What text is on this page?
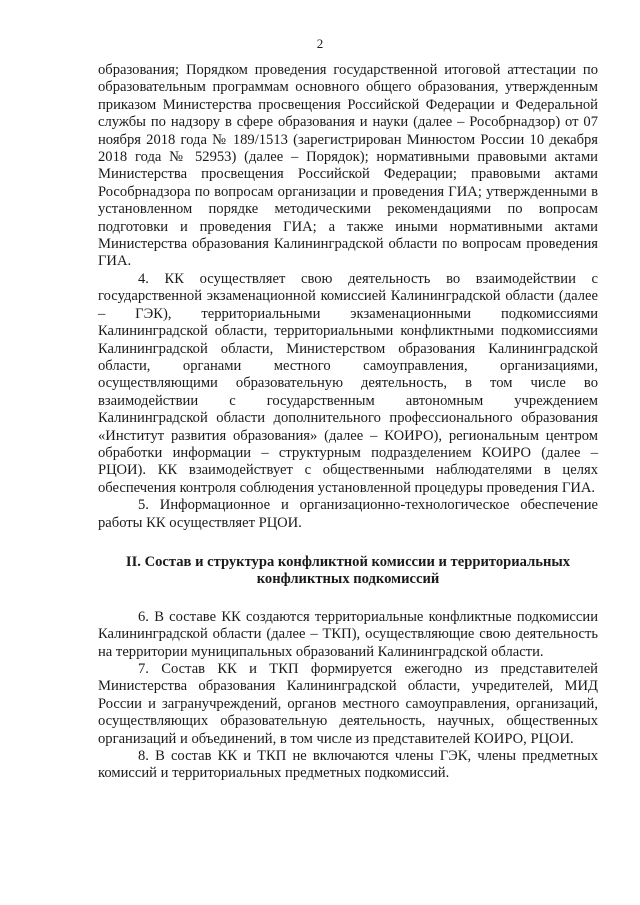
2

образования; Порядком проведения государственной итоговой аттестации по образовательным программам основного общего образования, утвержденным приказом Министерства просвещения Российской Федерации и Федеральной службы по надзору в сфере образования и науки (далее – Рособрнадзор) от 07 ноября 2018 года № 189/1513 (зарегистрирован Минюстом России 10 декабря 2018 года № 52953) (далее – Порядок); нормативными правовыми актами Министерства просвещения Российской Федерации; правовыми актами Рособрнадзора по вопросам организации и проведения ГИА; утвержденными в установленном порядке методическими рекомендациями по вопросам подготовки и проведения ГИА; а также иными нормативными актами Министерства образования Калининградской области по вопросам проведения ГИА.

4. КК осуществляет свою деятельность во взаимодействии с государственной экзаменационной комиссией Калининградской области (далее – ГЭК), территориальными экзаменационными подкомиссиями Калининградской области, территориальными конфликтными подкомиссиями Калининградской области, Министерством образования Калининградской области, органами местного самоуправления, организациями, осуществляющими образовательную деятельность, в том числе во взаимодействии с государственным автономным учреждением Калининградской области дополнительного профессионального образования «Институт развития образования» (далее – КОИРО), региональным центром обработки информации – структурным подразделением КОИРО (далее – РЦОИ). КК взаимодействует с общественными наблюдателями в целях обеспечения контроля соблюдения установленной процедуры проведения ГИА.

5. Информационное и организационно-технологическое обеспечение работы КК осуществляет РЦОИ.

II. Состав и структура конфликтной комиссии и территориальных конфликтных подкомиссий

6. В составе КК создаются территориальные конфликтные подкомиссии Калининградской области (далее – ТКП), осуществляющие свою деятельность на территории муниципальных образований Калининградской области.

7. Состав КК и ТКП формируется ежегодно из представителей Министерства образования Калининградской области, учредителей, МИД России и загранучреждений, органов местного самоуправления, организаций, осуществляющих образовательную деятельность, научных, общественных организаций и объединений, в том числе из представителей КОИРО, РЦОИ.

8. В состав КК и ТКП не включаются члены ГЭК, члены предметных комиссий и территориальных предметных подкомиссий.
